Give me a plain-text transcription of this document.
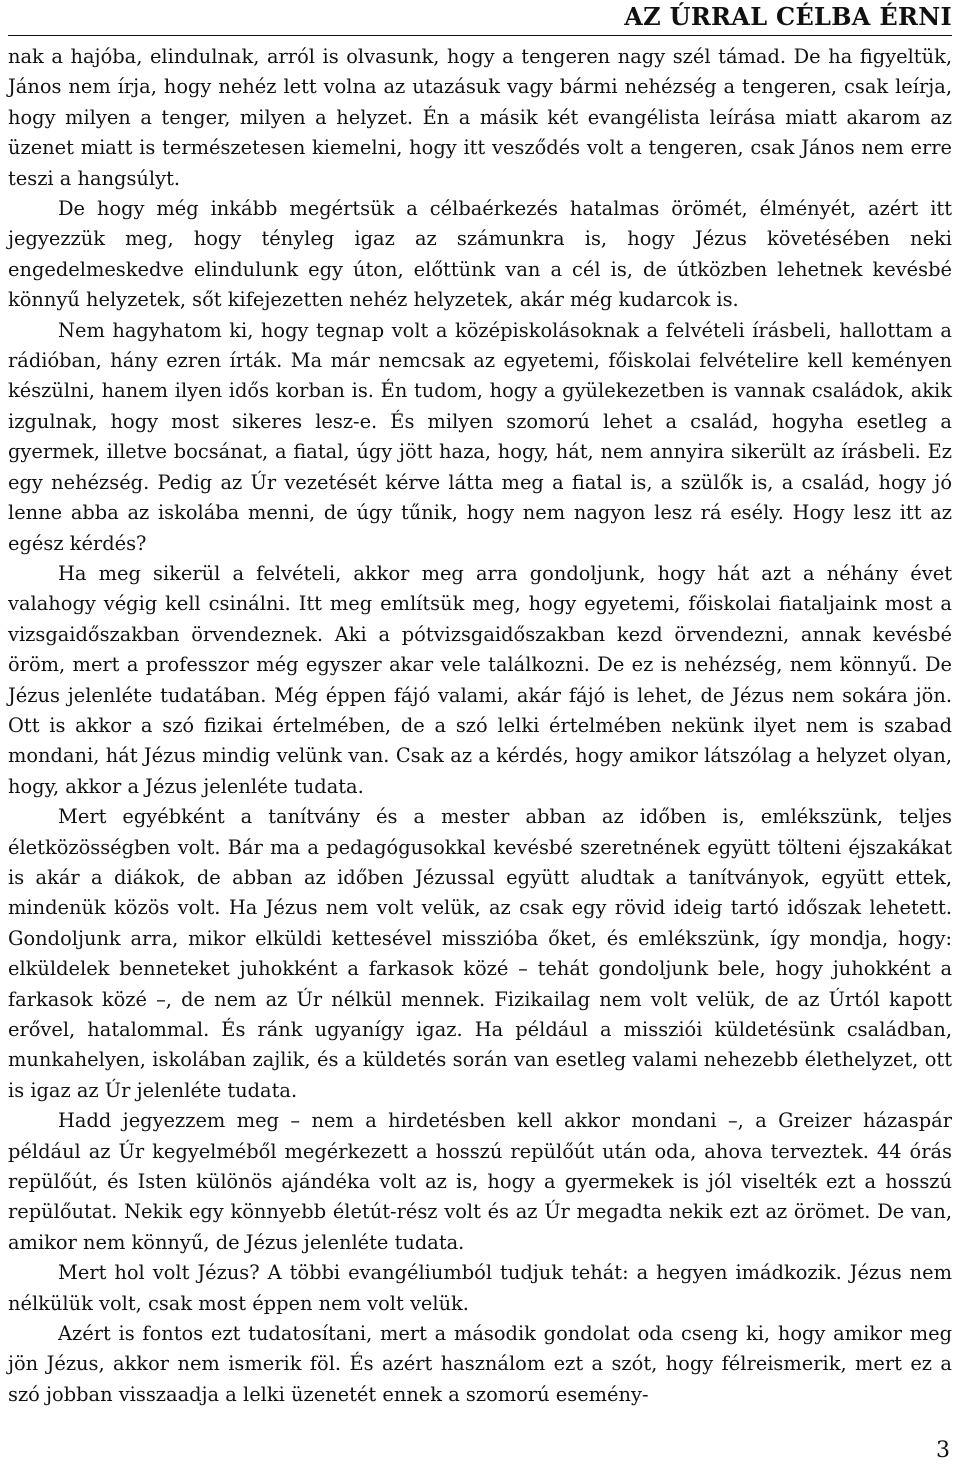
AZ ÚRRAL CÉLBA ÉRNI

nak a hajóba, elindulnak, arról is olvasunk, hogy a tengeren nagy szél támad. De ha figyeltük, János nem írja, hogy nehéz lett volna az utazásuk vagy bármi nehézség a tengeren, csak leírja, hogy milyen a tenger, milyen a helyzet. Én a másik két evangélista leírása miatt akarom az üzenet miatt is természetesen kiemelni, hogy itt vesződés volt a tengeren, csak János nem erre teszi a hangsúlyt.

De hogy még inkább megértsük a célbaérkezés hatalmas örömét, élményét, azért itt jegyezzük meg, hogy tényleg igaz az számunkra is, hogy Jézus követésében neki engedelmeskedve elindulunk egy úton, előttünk van a cél is, de útközben lehetnek kevésbé könnyű helyzetek, sőt kifejezetten nehéz helyzetek, akár még kudarcok is.

Nem hagyhatom ki, hogy tegnap volt a középiskolásoknak a felvételi írásbeli, hallottam a rádióban, hány ezren írták. Ma már nemcsak az egyetemi, főiskolai felvételire kell keményen készülni, hanem ilyen idős korban is. Én tudom, hogy a gyülekezetben is vannak családok, akik izgulnak, hogy most sikeres lesz-e. És milyen szomorú lehet a család, hogyha esetleg a gyermek, illetve bocsánat, a fiatal, úgy jött haza, hogy, hát, nem annyira sikerült az írásbeli. Ez egy nehézség. Pedig az Úr vezetését kérve látta meg a fiatal is, a szülők is, a család, hogy jó lenne abba az iskolába menni, de úgy tűnik, hogy nem nagyon lesz rá esély. Hogy lesz itt az egész kérdés?

Ha meg sikerül a felvételi, akkor meg arra gondoljunk, hogy hát azt a néhány évet valahogy végig kell csinálni. Itt meg említsük meg, hogy egyetemi, főiskolai fiataljaink most a vizsgaidőszakban örvendeznek. Aki a pótvizsgaidőszakban kezd örvendezni, annak kevésbé öröm, mert a professzor még egyszer akar vele találkozni. De ez is nehézség, nem könnyű. De Jézus jelenléte tudatában. Még éppen fájó valami, akár fájó is lehet, de Jézus nem sokára jön. Ott is akkor a szó fizikai értelmében, de a szó lelki értelmében nekünk ilyet nem is szabad mondani, hát Jézus mindig velünk van. Csak az a kérdés, hogy amikor látszólag a helyzet olyan, hogy, akkor a Jézus jelenléte tudata.

Mert egyébként a tanítvány és a mester abban az időben is, emlékszünk, teljes életközösségben volt. Bár ma a pedagógusokkal kevésbé szeretnének együtt tölteni éjszakákat is akár a diákok, de abban az időben Jézussal együtt aludtak a tanítványok, együtt ettek, mindenük közös volt. Ha Jézus nem volt velük, az csak egy rövid ideig tartó időszak lehetett. Gondoljunk arra, mikor elküldi kettesével misszióba őket, és emlékszünk, így mondja, hogy: elküldelek benneteket juhokként a farkasok közé – tehát gondoljunk bele, hogy juhokként a farkasok közé –, de nem az Úr nélkül mennek. Fizikailag nem volt velük, de az Úrtól kapott erővel, hatalommal. És ránk ugyanígy igaz. Ha például a missziói küldetésünk családban, munkahelyen, iskolában zajlik, és a küldetés során van esetleg valami nehezebb élethelyzet, ott is igaz az Úr jelenléte tudata.

Hadd jegyezzem meg – nem a hirdetésben kell akkor mondani –, a Greizer házaspár például az Úr kegyelméből megérkezett a hosszú repülőút után oda, ahova terveztek. 44 órás repülőút, és Isten különös ajándéka volt az is, hogy a gyermekek is jól viselték ezt a hosszú repülőutat. Nekik egy könnyebb életút-rész volt és az Úr megadta nekik ezt az örömet. De van, amikor nem könnyű, de Jézus jelenléte tudata.

Mert hol volt Jézus? A többi evangéliumból tudjuk tehát: a hegyen imádkozik. Jézus nem nélkülük volt, csak most éppen nem volt velük.

Azért is fontos ezt tudatosítani, mert a második gondolat oda cseng ki, hogy amikor meg jön Jézus, akkor nem ismerik föl. És azért használom ezt a szót, hogy félreismerik, mert ez a szó jobban visszaadja a lelki üzenetét ennek a szomorú esemény-

3
